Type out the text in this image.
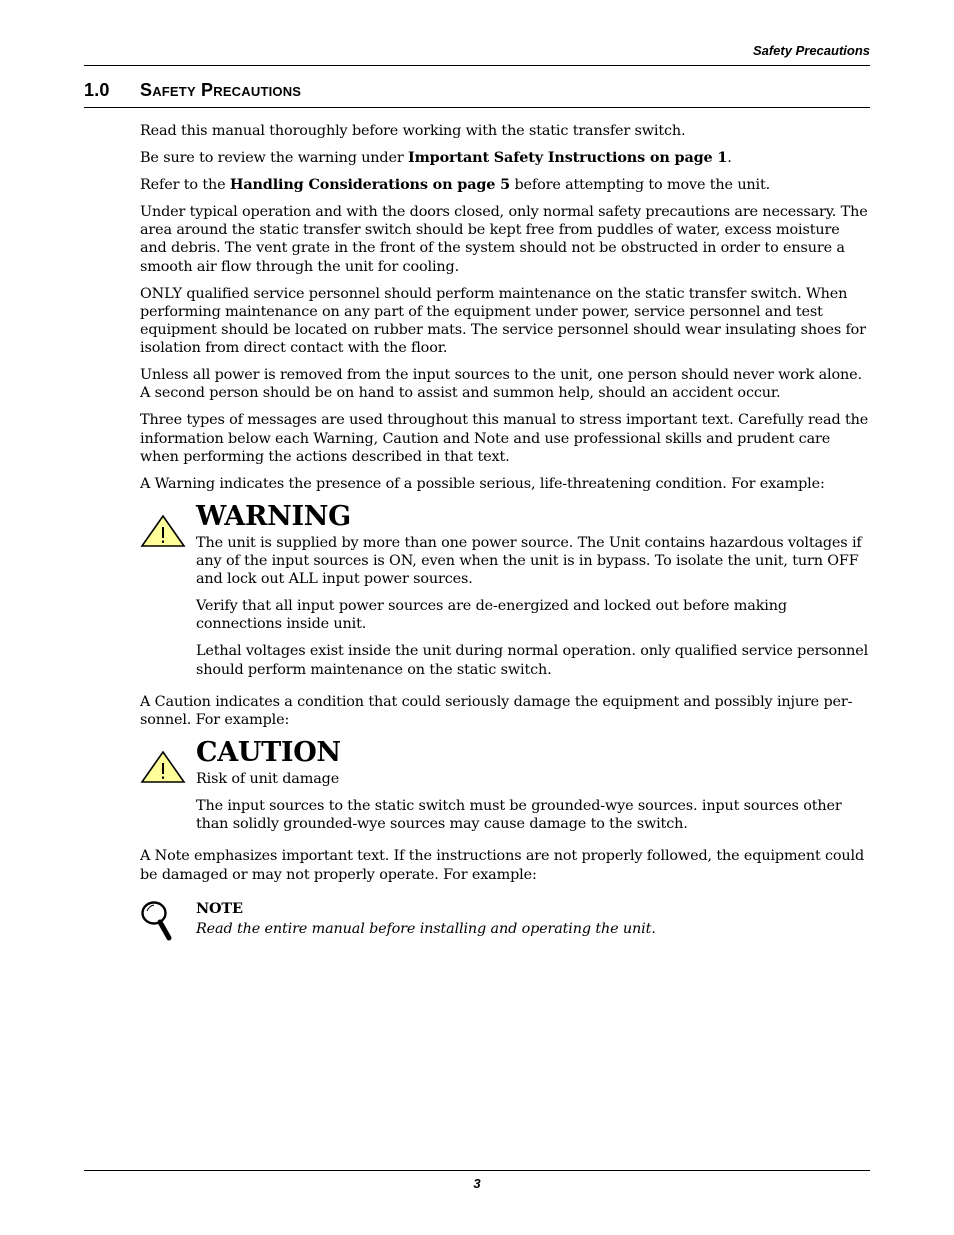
Safety Precautions
1.0 Safety Precautions

Read this manual thoroughly before working with the static transfer switch.

Be sure to review the warning under Important Safety Instructions on page 1.

Refer to the Handling Considerations on page 5 before attempting to move the unit.

Under typical operation and with the doors closed, only normal safety precautions are necessary. The area around the static transfer switch should be kept free from puddles of water, excess moisture and debris. The vent grate in the front of the system should not be obstructed in order to ensure a smooth air flow through the unit for cooling.

ONLY qualified service personnel should perform maintenance on the static transfer switch. When performing maintenance on any part of the equipment under power, service personnel and test equipment should be located on rubber mats. The service personnel should wear insulating shoes for isolation from direct contact with the floor.

Unless all power is removed from the input sources to the unit, one person should never work alone. A second person should be on hand to assist and summon help, should an accident occur.

Three types of messages are used throughout this manual to stress important text. Carefully read the information below each Warning, Caution and Note and use professional skills and prudent care when performing the actions described in that text.

A Warning indicates the presence of a possible serious, life-threatening condition. For example:

WARNING

The unit is supplied by more than one power source. The Unit contains hazardous voltages if any of the input sources is ON, even when the unit is in bypass. To isolate the unit, turn OFF and lock out ALL input power sources.

Verify that all input power sources are de-energized and locked out before making connections inside unit.

Lethal voltages exist inside the unit during normal operation. only qualified service personnel should perform maintenance on the static switch.

A Caution indicates a condition that could seriously damage the equipment and possibly injure personnel. For example:

CAUTION

Risk of unit damage

The input sources to the static switch must be grounded-wye sources. input sources other than solidly grounded-wye sources may cause damage to the switch.

A Note emphasizes important text. If the instructions are not properly followed, the equipment could be damaged or may not properly operate. For example:

NOTE

Read the entire manual before installing and operating the unit.

3
